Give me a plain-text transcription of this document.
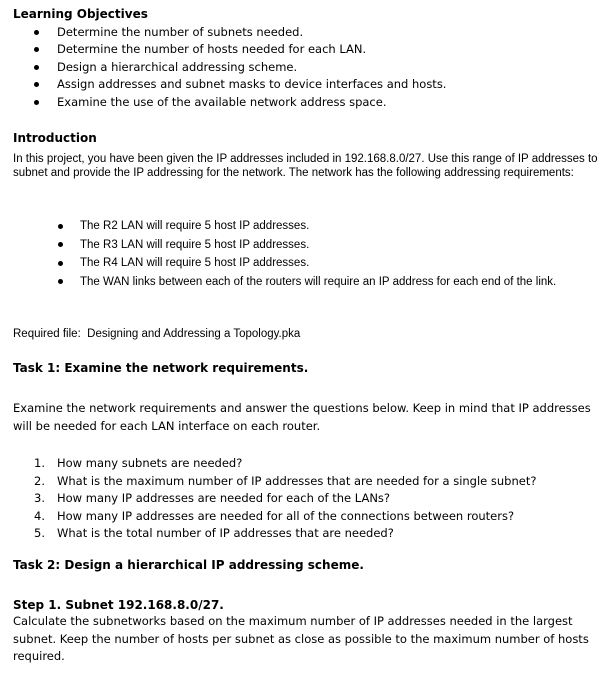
Learning Objectives
Determine the number of subnets needed.
Determine the number of hosts needed for each LAN.
Design a hierarchical addressing scheme.
Assign addresses and subnet masks to device interfaces and hosts.
Examine the use of the available network address space.
Introduction

In this project, you have been given the IP addresses included in 192.168.8.0/27. Use this range of IP addresses to subnet and provide the IP addressing for the network. The network has the following addressing requirements:

The R2 LAN will require 5 host IP addresses.
The R3 LAN will require 5 host IP addresses.
The R4 LAN will require 5 host IP addresses.
The WAN links between each of the routers will require an IP address for each end of the link.

Required file:  Designing and Addressing a Topology.pka

Task 1: Examine the network requirements.

Examine the network requirements and answer the questions below. Keep in mind that IP addresses will be needed for each LAN interface on each router.

1. How many subnets are needed?
2. What is the maximum number of IP addresses that are needed for a single subnet?
3. How many IP addresses are needed for each of the LANs?
4. How many IP addresses are needed for all of the connections between routers?
5. What is the total number of IP addresses that are needed?
Task 2: Design a hierarchical IP addressing scheme.
Step 1. Subnet 192.168.8.0/27.

Calculate the subnetworks based on the maximum number of IP addresses needed in the largest subnet. Keep the number of hosts per subnet as close as possible to the maximum number of hosts required.
